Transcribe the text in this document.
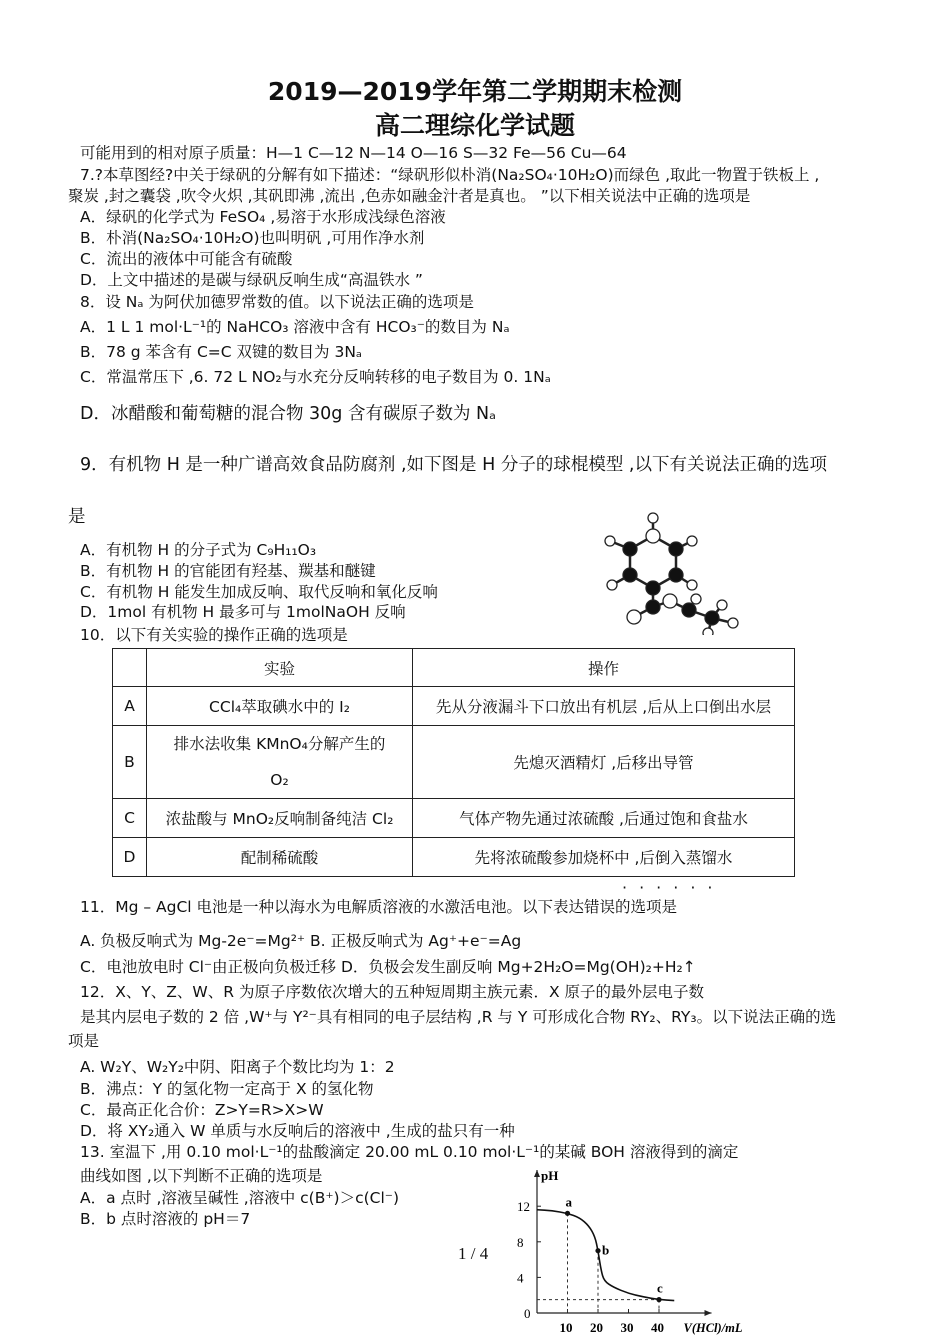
2019—2019学年第二学期期末检测
高二理综化学试题
可能用到的相对原子质量：H—1 C—12 N—14 O—16 S—32 Fe—56 Cu—64
7.?本草图经?中关于绿矾的分解有如下描述：“绿矾形似朴消(Na₂SO₄·10H₂O)而绿色 ,取此一物置于铁板上 ,
聚炭 ,封之囊袋 ,吹令火炽 ,其矾即沸 ,流出 ,色赤如融金汁者是真也。 ”以下相关说法中正确的选项是
A．绿矾的化学式为 FeSO₄ ,易溶于水形成浅绿色溶液
B．朴消(Na₂SO₄·10H₂O)也叫明矾 ,可用作净水剂
C．流出的液体中可能含有硫酸
D．上文中描述的是碳与绿矾反响生成“高温铁水 ”
8．设 Nₐ 为阿伏加德罗常数的值。以下说法正确的选项是
A．1 L 1 mol·L⁻¹的 NaHCO₃ 溶液中含有 HCO₃⁻的数目为 Nₐ
B．78 g 苯含有 C=C 双键的数目为 3Nₐ
C．常温常压下 ,6. 72 L NO₂与水充分反响转移的电子数目为 0. 1Nₐ
D．冰醋酸和葡萄糖的混合物 30g 含有碳原子数为 Nₐ
9．有机物 H 是一种广谱高效食品防腐剂 ,如下图是 H 分子的球棍模型 ,以下有关说法正确的选项
是
A．有机物 H 的分子式为 C₉H₁₁O₃
B．有机物 H 的官能团有羟基、羰基和醚键
C．有机物 H 能发生加成反响、取代反响和氧化反响
D．1mol 有机物 H 最多可与 1molNaOH 反响
10．以下有关实验的操作正确的选项是
	实验	操作
A	CCl₄萃取碘水中的 I₂	先从分液漏斗下口放出有机层 ,后从上口倒出水层
B	排水法收集 KMnO₄分解产生的
O₂	先熄灭酒精灯 ,后移出导管
C	浓盐酸与 MnO₂反响制备纯洁 Cl₂	气体产物先通过浓硫酸 ,后通过饱和食盐水
D	配制稀硫酸	先将浓硫酸参加烧杯中 ,后倒入蒸馏水
······
11．Mg – AgCl 电池是一种以海水为电解质溶液的水激活电池。以下表达错误的选项是
A. 负极反响式为 Mg-2e⁻=Mg²⁺ B. 正极反响式为 Ag⁺+e⁻=Ag
C．电池放电时 Cl⁻由正极向负极迁移 D．负极会发生副反响 Mg+2H₂O=Mg(OH)₂+H₂↑
12．X、Y、Z、W、R 为原子序数依次增大的五种短周期主族元素．X 原子的最外层电子数
是其内层电子数的 2 倍 ,W⁺与 Y²⁻具有相同的电子层结构 ,R 与 Y 可形成化合物 RY₂、RY₃。以下说法正确的选
项是
A. W₂Y、W₂Y₂中阴、阳离子个数比均为 1：2
B．沸点：Y 的氢化物一定高于 X 的氢化物
C．最高正化合价：Z>Y=R>X>W
D．将 XY₂通入 W 单质与水反响后的溶液中 ,生成的盐只有一种
13. 室温下 ,用 0.10 mol·L⁻¹的盐酸滴定 20.00 mL 0.10 mol·L⁻¹的某碱 BOH 溶液得到的滴定
曲线如图 ,以下判断不正确的选项是
A．a 点时 ,溶液呈碱性 ,溶液中 c(B⁺)＞c(Cl⁻)
B．b 点时溶液的 pH＝7
pH
V(HCl)/mL
0
4
8
12
10 20 30 40
a
b
c
1 / 4
